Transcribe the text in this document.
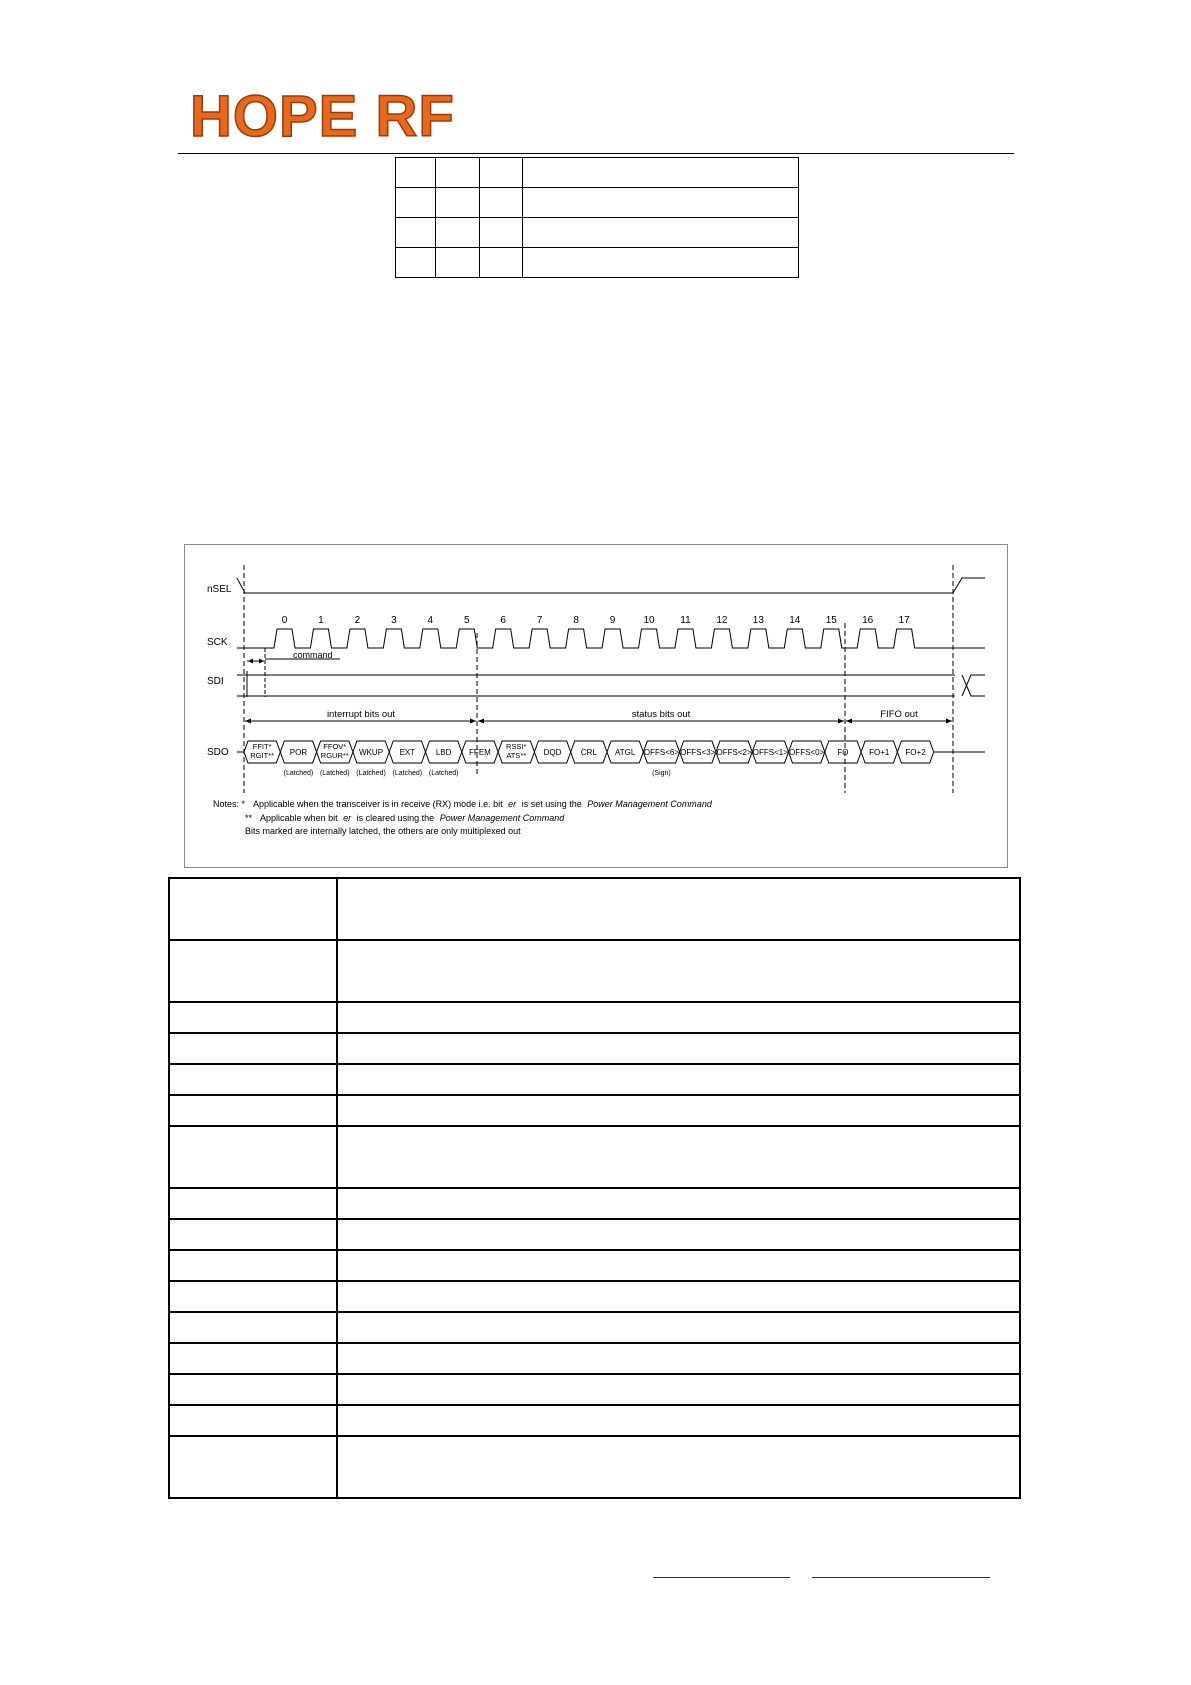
HOPE RF

nSEL
SCK
SDI
SDO
0	1	2	3	4	5	6	7	8	9	10	11	12	13	14	15	16	17
command
interrupt bits out	status bits out	FIFO out
FFIT*
RGIT** POR
(Latched)
FFOV*
RGUR**
(Latched)
WKUP
(Latched)
EXT
(Latched)
LBD
(Latched)
FFEM
RSSI*
ATS** DQD CRL ATGL OFFS<6>
(Sign)
OFFS<3> OFFS<2> OFFS<1> OFFS<0> FO	FO+1 FO+2
Notes: * Applicable when the transceiver is in receive (RX) mode i.e. bit er is set using the Power Management Command
** Applicable when bit er is cleared using the Power Management Command
Bits marked are internally latched, the others are only multiplexed out
